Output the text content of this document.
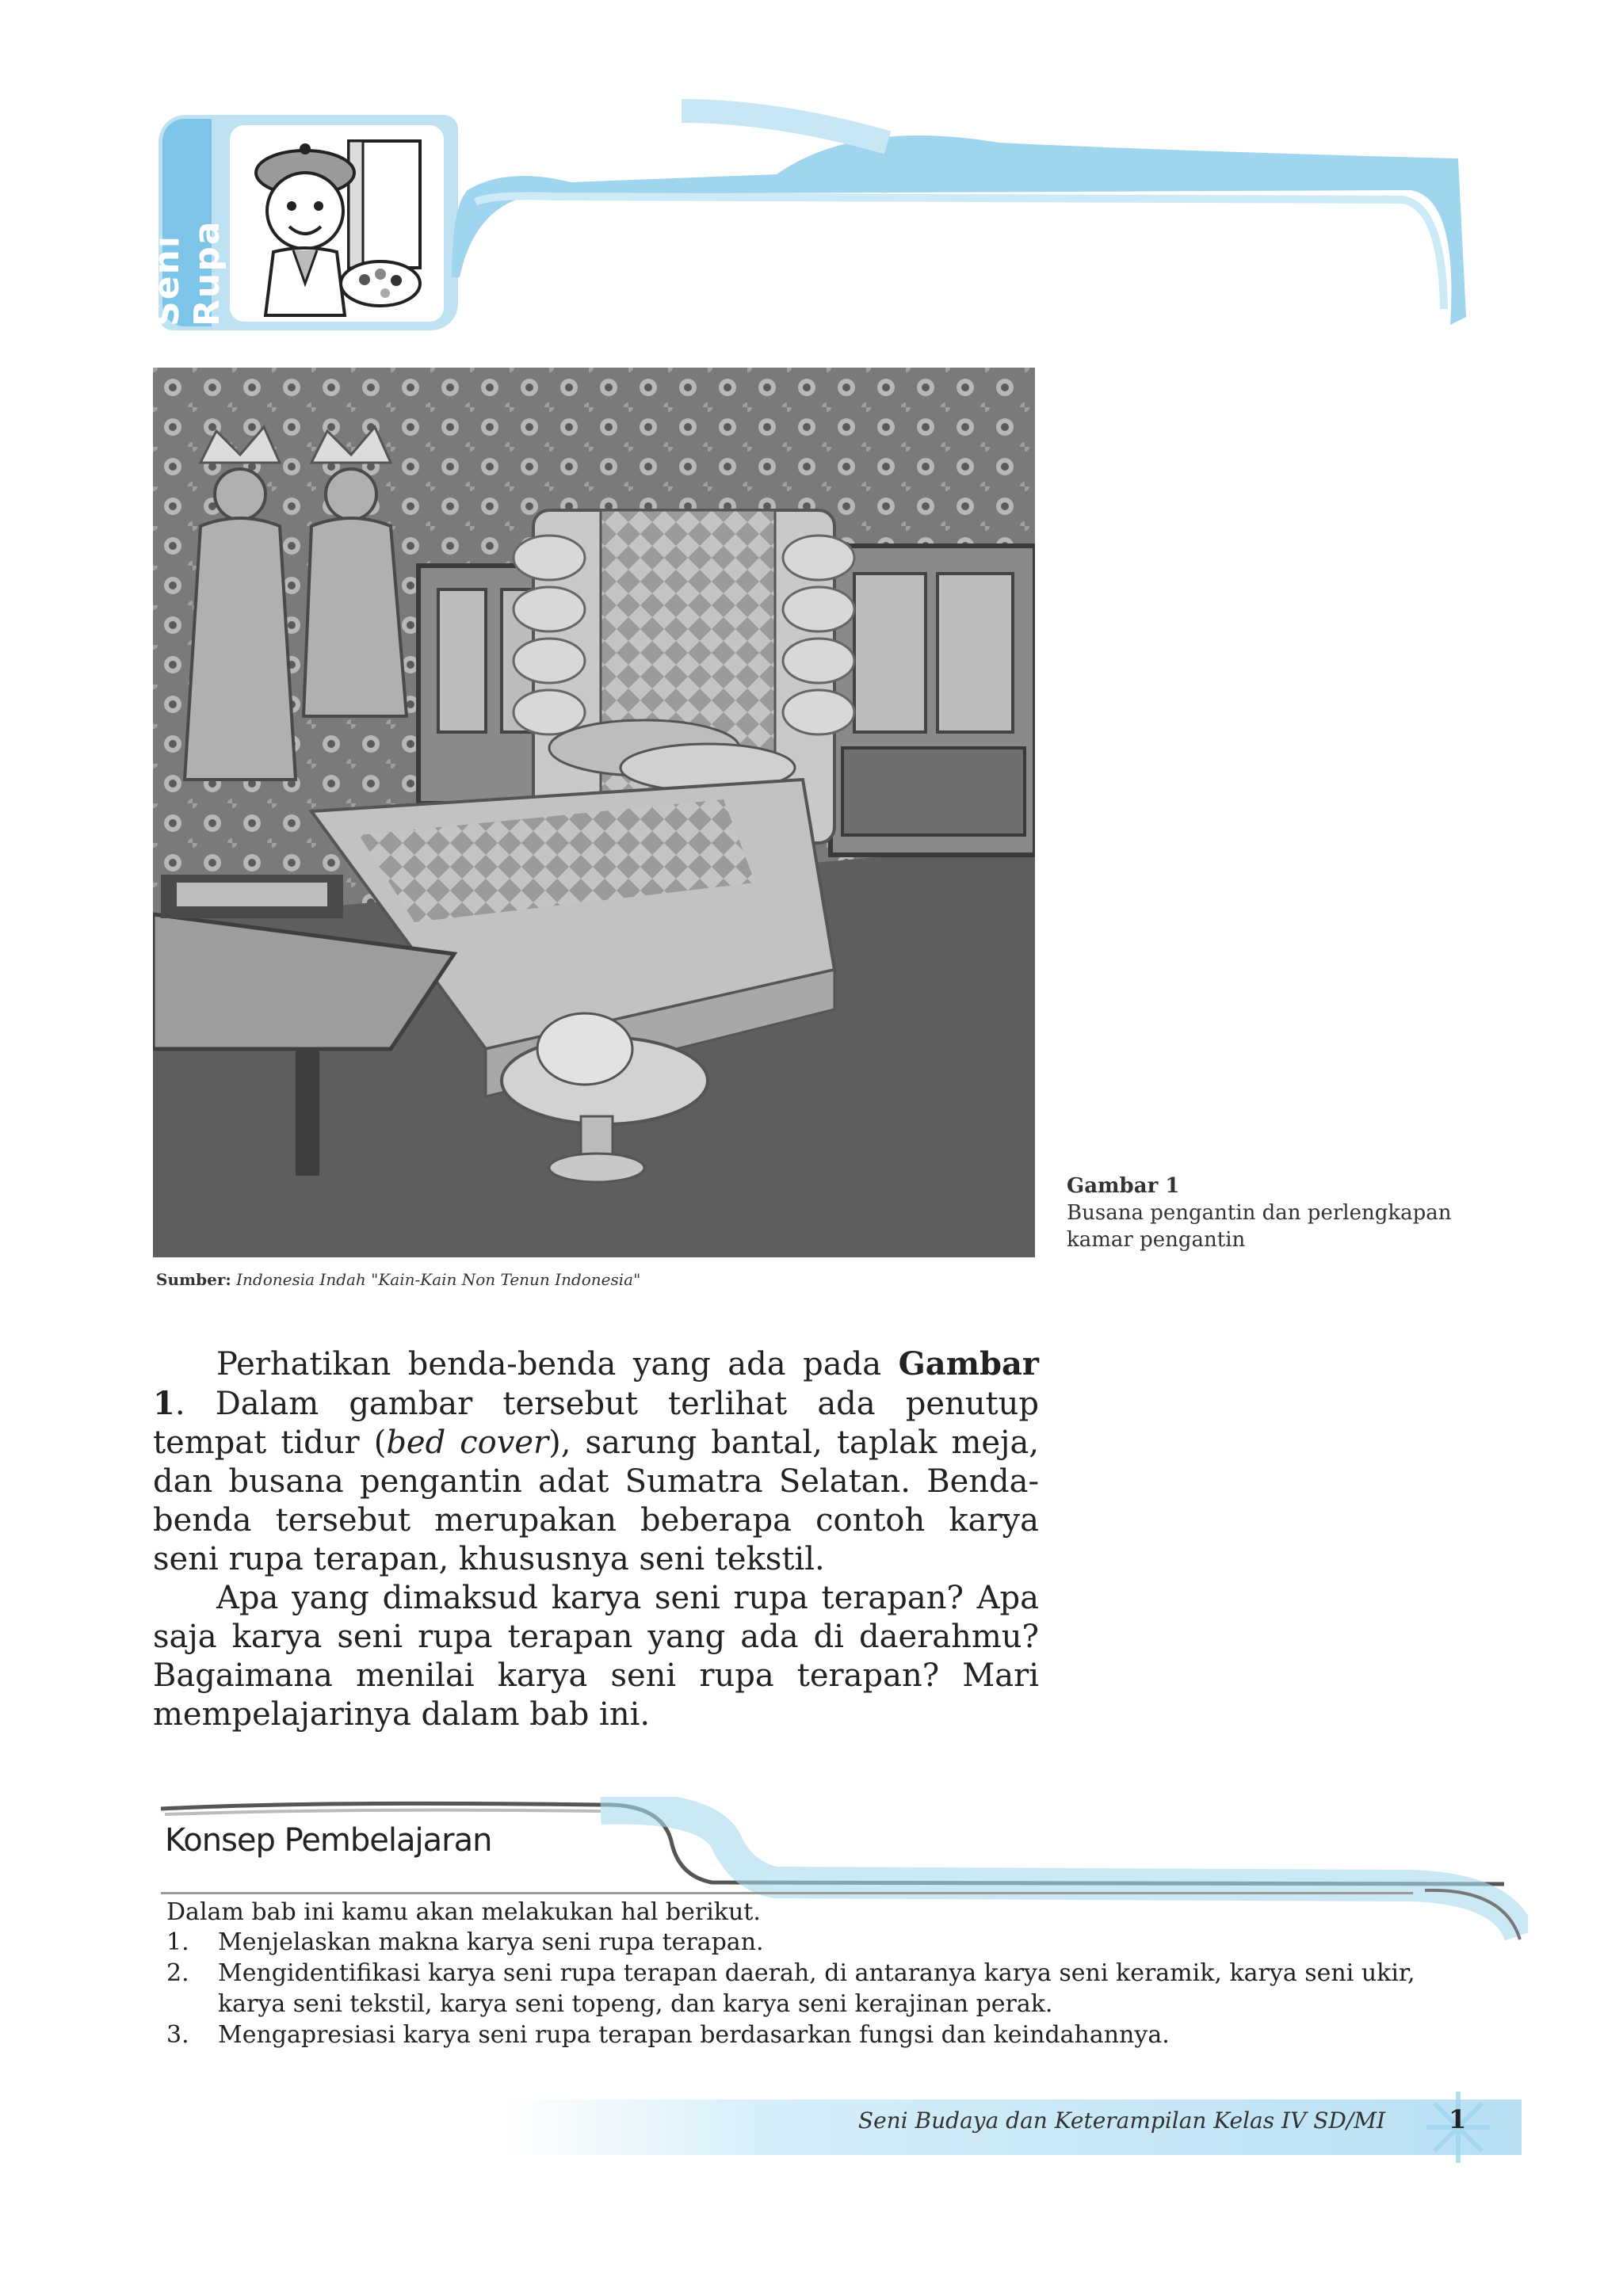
Seni Rupa
Sumber: Indonesia Indah "Kain-Kain Non Tenun Indonesia"
Gambar 1
Busana pengantin dan perlengkapan kamar pengantin

Perhatikan benda-benda yang ada pada Gambar 1. Dalam gambar tersebut terlihat ada penutup tempat tidur (bed cover), sarung bantal, taplak meja, dan busana pengantin adat Sumatra Selatan. Benda-benda tersebut merupakan beberapa contoh karya seni rupa terapan, khususnya seni tekstil.

Apa yang dimaksud karya seni rupa terapan? Apa saja karya seni rupa terapan yang ada di daerahmu? Bagaimana menilai karya seni rupa terapan? Mari mempelajarinya dalam bab ini.

Konsep Pembelajaran
Dalam bab ini kamu akan melakukan hal berikut.
1. Menjelaskan makna karya seni rupa terapan.
2. Mengidentifikasi karya seni rupa terapan daerah, di antaranya karya seni keramik, karya seni ukir, karya seni tekstil, karya seni topeng, dan karya seni kerajinan perak.
3. Mengapresiasi karya seni rupa terapan berdasarkan fungsi dan keindahannya.
Seni Budaya dan Keterampilan Kelas IV SD/MI	1
